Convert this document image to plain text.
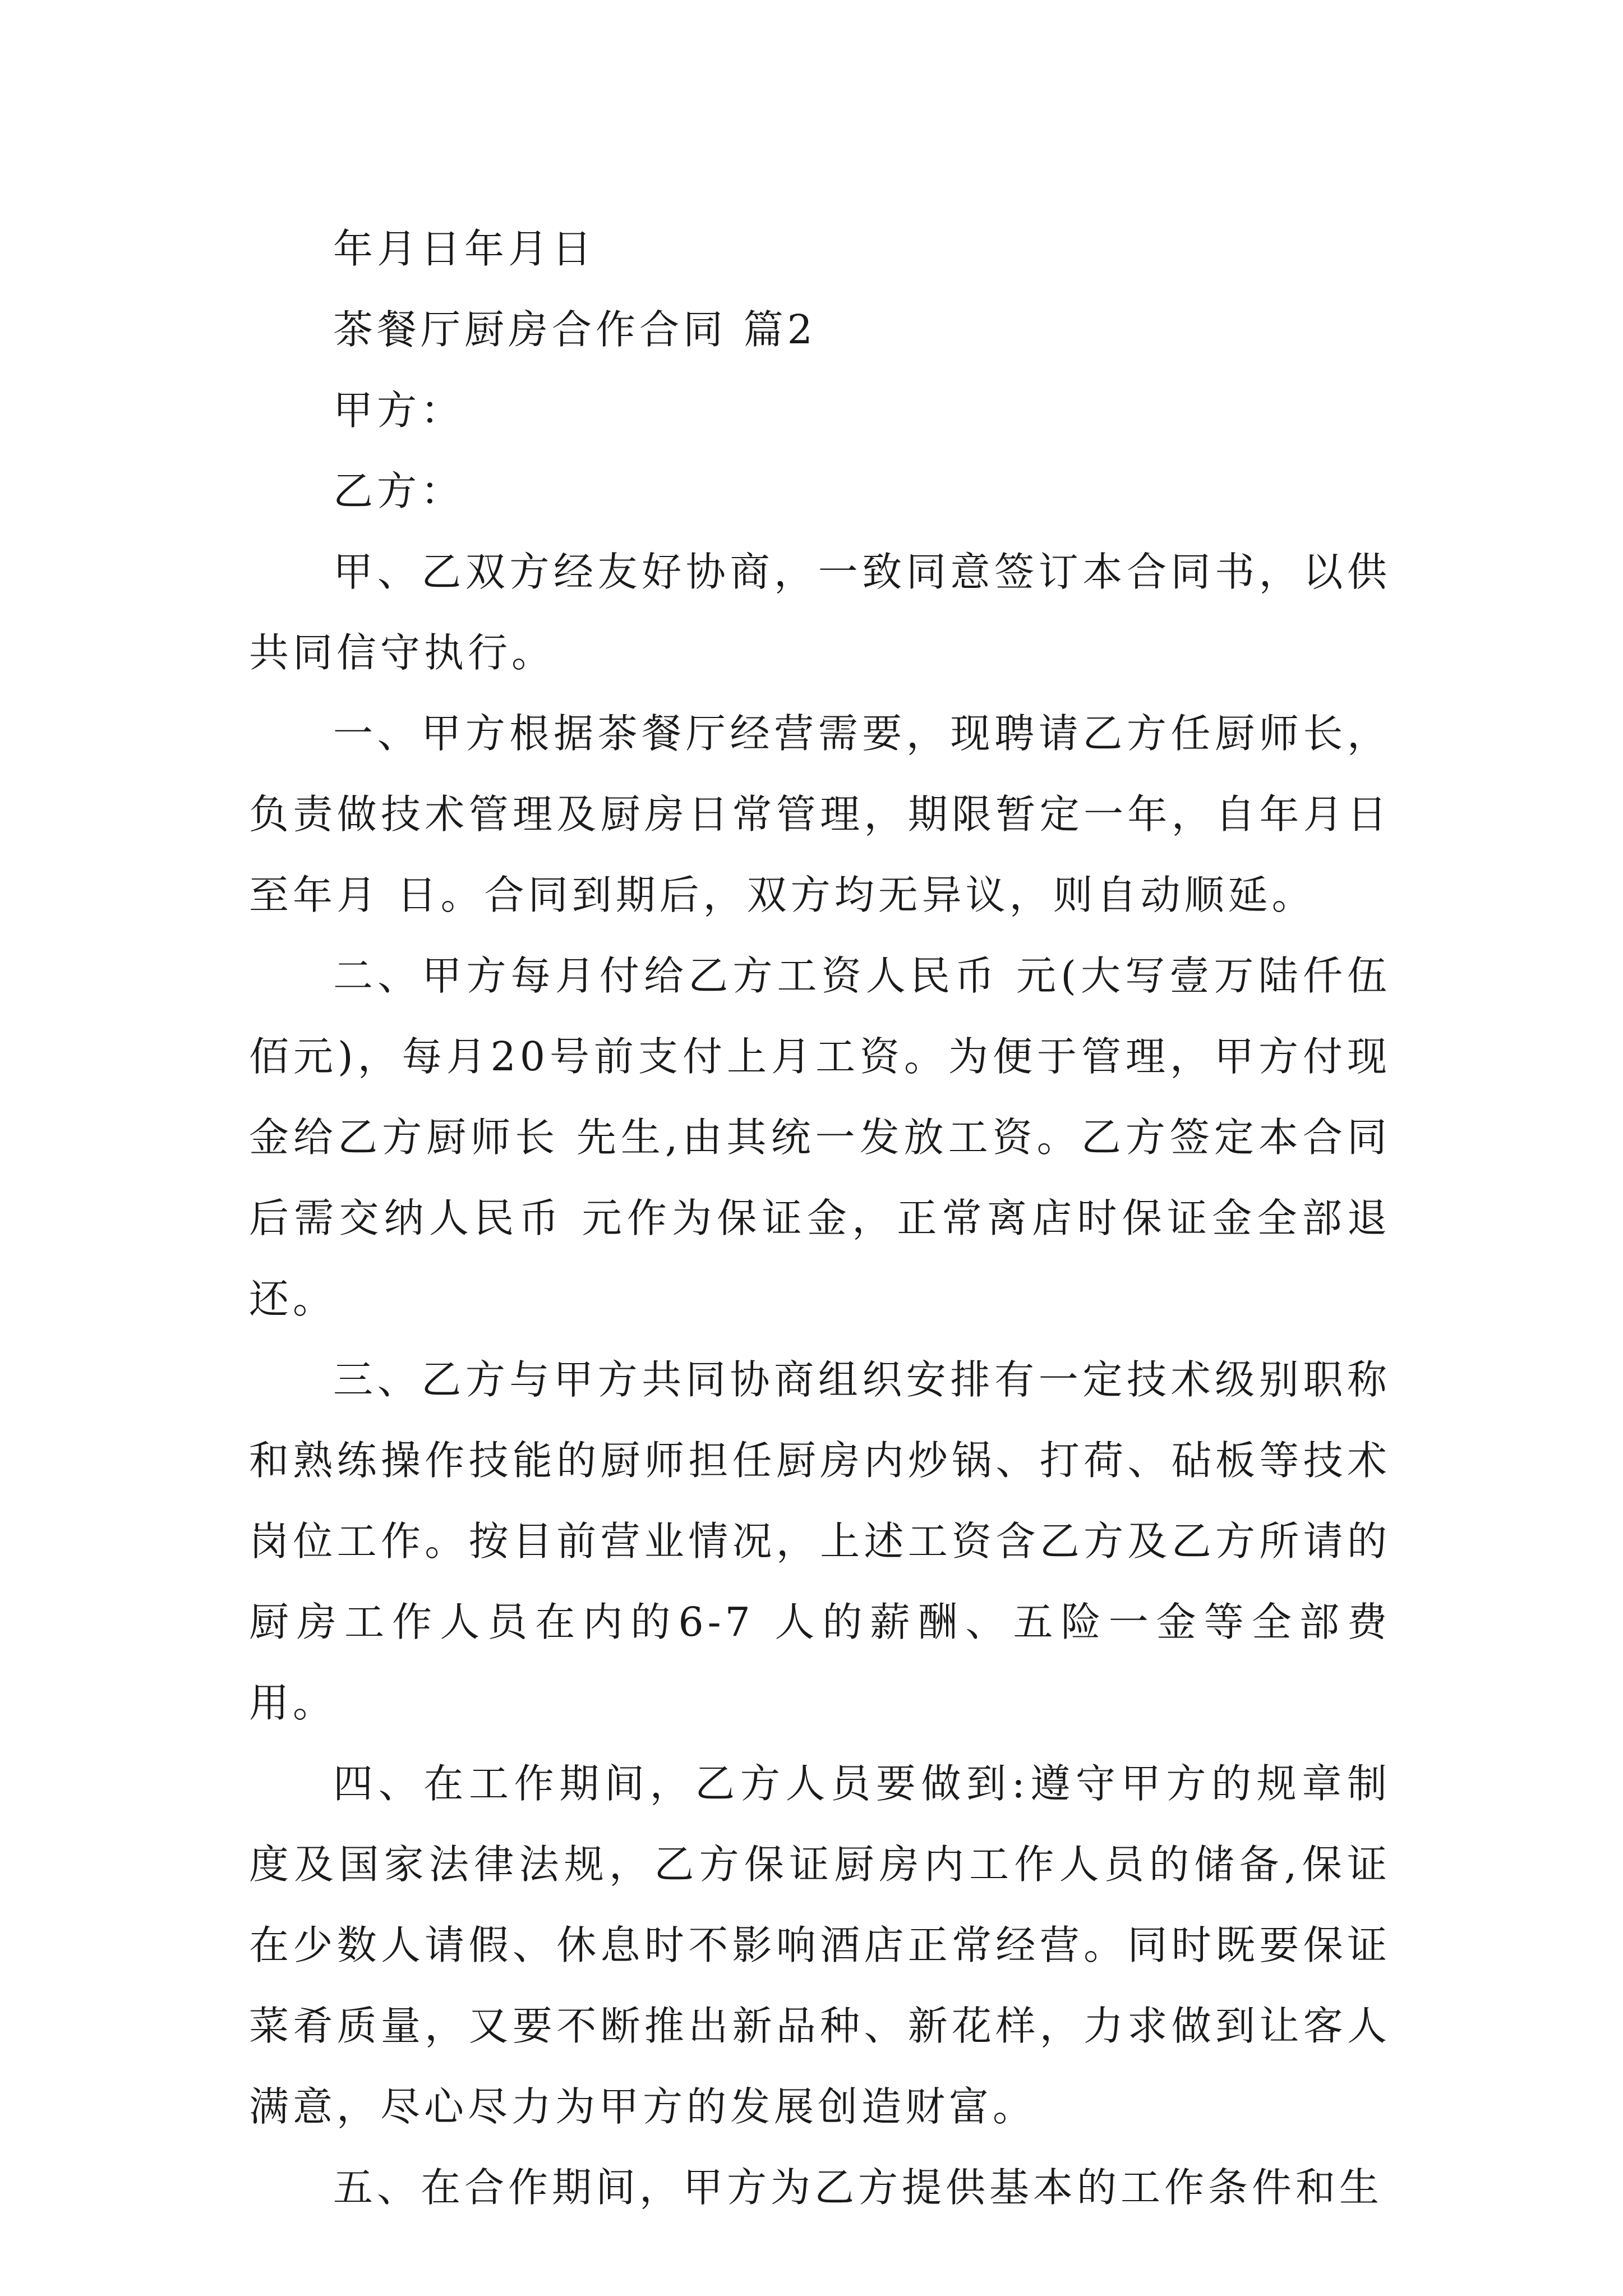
年月日年月日

茶餐厅厨房合作合同 篇2

甲方：

乙方：

甲、乙双方经友好协商，一致同意签订本合同书，以供共同信守执行。

一、甲方根据茶餐厅经营需要，现聘请乙方任厨师长，负责做技术管理及厨房日常管理，期限暂定一年，自年月日至年月 日。合同到期后，双方均无异议，则自动顺延。

二、甲方每月付给乙方工资人民币 元(大写壹万陆仟伍佰元)，每月20号前支付上月工资。为便于管理，甲方付现金给乙方厨师长 先生,由其统一发放工资。乙方签定本合同后需交纳人民币 元作为保证金，正常离店时保证金全部退还。

三、乙方与甲方共同协商组织安排有一定技术级别职称和熟练操作技能的厨师担任厨房内炒锅、打荷、砧板等技术岗位工作。按目前营业情况，上述工资含乙方及乙方所请的厨房工作人员在内的6-7 人的薪酬、五险一金等全部费用。

四、在工作期间，乙方人员要做到:遵守甲方的规章制度及国家法律法规，乙方保证厨房内工作人员的储备,保证在少数人请假、休息时不影响酒店正常经营。同时既要保证菜肴质量，又要不断推出新品种、新花样，力求做到让客人满意，尽心尽力为甲方的发展创造财富。

五、在合作期间，甲方为乙方提供基本的工作条件和生
